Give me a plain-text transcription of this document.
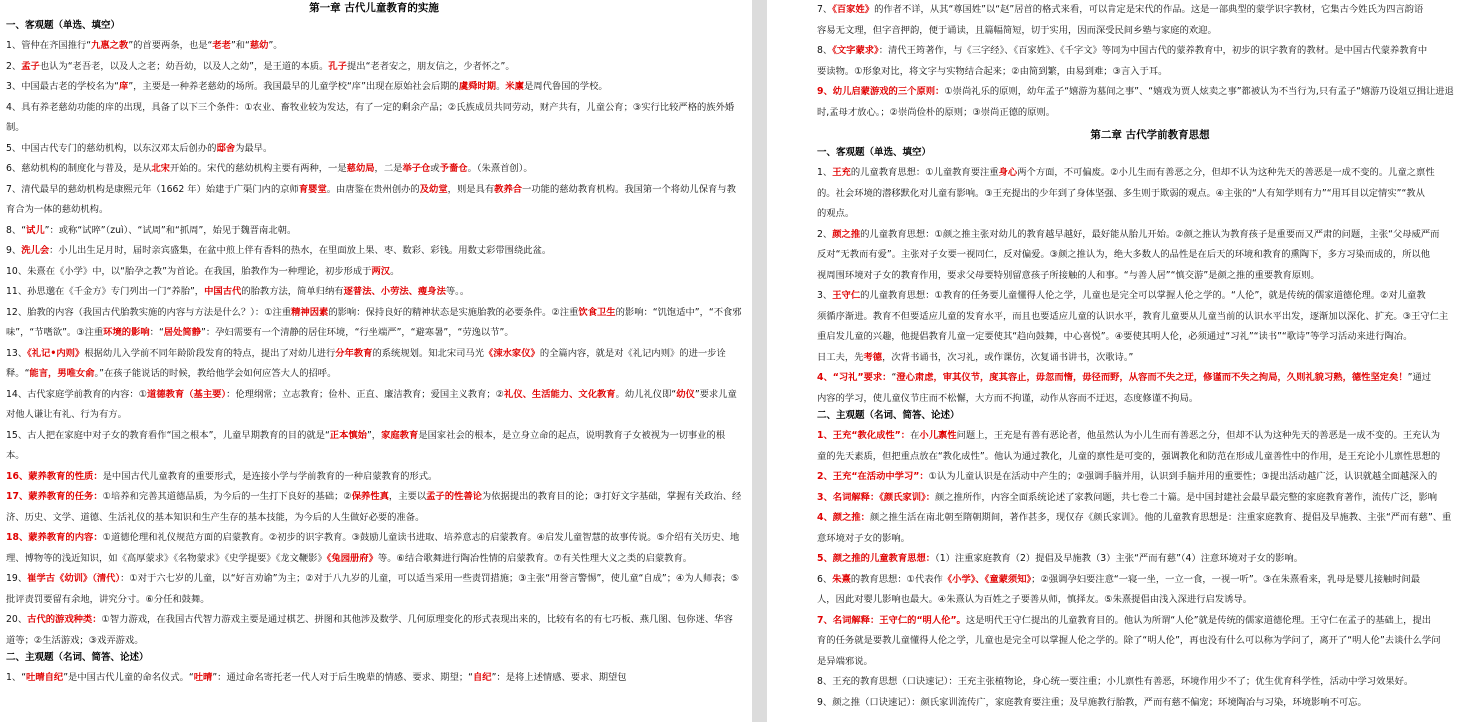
第一章 古代儿童教育的实施
一、客观题（单选、填空）

1、管仲在齐国推行“九惠之教”的首要两条，也是“老老”和“慈幼”。

2、孟子也认为“老吾老，以及人之老；幼吾幼，以及人之幼”，是王道的本质。孔子提出“老者安之，朋友信之，少者怀之”。

3、中国最古老的学校名为“庠”，主要是一种养老慈幼的场所。我国最早的儿童学校“庠”出现在原始社会后期的虞舜时期。米廪是周代鲁国的学校。

4、具有养老慈幼功能的庠的出现，具备了以下三个条件：①农业、畜牧业较为发达，有了一定的剩余产品；②氏族成员共同劳动，财产共有，儿童公育；③实行比较严格的族外婚制。

5、中国古代专门的慈幼机构，以东汉邓太后创办的邸舍为最早。

6、慈幼机构的制度化与普及，是从北宋开始的。宋代的慈幼机构主要有两种，一是慈幼局，二是举子仓或予嗇仓。（朱熹首创）。

7、清代最早的慈幼机构是康熙元年（1662 年）始建于广渠门内的京师育婴堂。由唐鉴在贵州创办的及幼堂，则是具有教养合一功能的慈幼教育机构。我国第一个将幼儿保育与教育合为一体的慈幼机构。

8、“试儿”：或称“试晬”（zuì）、“试周”和“抓周”，始见于魏晋南北朝。

9、洗儿会：小儿出生足月时，届时亲宾盛集，在盆中煎上伴有香料的热水，在里面放上果、枣、数彩、彩钱。用数丈彩带围绕此盆。

10、朱熹在《小学》中，以“胎孕之教”为首论。在我国，胎教作为一种理论，初步形成于两汉。

11、孙思邈在《千金方》专门列出一门“养胎”，中国古代的胎教方法，简单归纳有逐普法、小劳法、瘦身法等。。

12、胎教的内容（我国古代胎教实施的内容与方法是什么？）：①注重精神因素的影响：保持良好的精神状态是实施胎教的必要条件。②注重饮食卫生的影响：“饥饱适中”，“不食邪味”，“节嗜欲”。③注重环境的影响：“居处简静”：孕妇需要有一个清静的居住环境，“行坐端严”，“避寒暑”，“劳逸以节”。

13、《礼记•内则》根据幼儿入学前不同年龄阶段发育的特点，提出了对幼儿进行分年教育的系统规划。知北宋司马光《涑水家仪》的全篇内容，就是对《礼记内则》的进一步诠释。“能言，男唯女俞。”在孩子能说话的时候，教给他学会如何应答大人的招呼。

14、古代家庭学前教育的内容：①道德教育（基主要）：伦理纲常；立志教育；俭朴、正直、廉洁教育；爱国主义教育；②礼仪、生活能力、文化教育。幼儿礼仪即“幼仪”要求儿童对他人谦让有礼、行为有方。

15、古人把在家庭中对子女的教育看作“国之根本”，儿童早期教育的目的就是“正本慎始”，家庭教育是国家社会的根本，是立身立命的起点，说明教育子女被视为一切事业的根本。

16、蒙养教育的性质：是中国古代儿童教育的重要形式，是连接小学与学前教育的一种启蒙教育的形式。

17、蒙养教育的任务：①培养和完善其道德品质，为今后的一生打下良好的基础；②保养性真，主要以孟子的性善论为依据提出的教育目的论；③打好文字基础，掌握有关政治、经济、历史、文学、道德、生活礼仪的基本知识和生产生存的基本技能，为今后的人生做好必要的准备。

18、蒙养教育的内容：①道德伦理和礼仪规范方面的启蒙教育。②初步的识字教育。③鼓励儿童读书进取、培养意志的启蒙教育。④启发儿童智慧的故事传说。⑤介绍有关历史、地理、博物等的浅近知识，如《高厚蒙求》《名物蒙求》《史学提要》《龙文鞭影》《兔园册府》等。⑥结合歌舞进行陶冶性情的启蒙教育。⑦有关性理大义之类的启蒙教育。

19、崔学古《幼训》（清代）：①对于六七岁的儿童，以“好言劝谕”为主；②对于八九岁的儿童，可以适当采用一些责罚措施；③主张“用誉言警惕”，使儿童“自成”；④为人师表；⑤批评责罚要留有余地，讲究分寸。⑥分任和鼓舞。

20、古代的游戏种类：①智力游戏，在我国古代智力游戏主要是通过棋艺、拼图和其他涉及数学、几何原理变化的形式表现出来的，比较有名的有七巧板、燕几图、包你迷、华容道等；②生活游戏；③戏弄游戏。

二、主观题（名词、简答、论述）

1、“吐晴自纪”是中国古代儿童的命名仪式。“吐晴”：通过命名寄托老一代人对于后生晚辈的情感、要求、期望；“自纪”：是将上述情感、要求、期望包

7、《百家姓》的作者不详，从其“尊国姓”以“赵”居首的格式来看，可以肯定是宋代的作品。这是一部典型的蒙学识字教材，它集古今姓氏为四言韵语

容易无文理，但字音押韵，便于诵读，且篇幅简短，切于实用，因而深受民间乡塾与家庭的欢迎。

8、《文字蒙求》：清代王筠著作，与《三字经》、《百家姓》、《千字文》等同为中国古代的蒙养教育中，初步的识字教育的教材。是中国古代蒙养教育中

要读物。①形象对比，将文字与实物结合起来；②由简到繁，由易到难；③言入于耳。

9、幼儿启蒙游戏的三个原则：①崇尚礼乐的原则，幼年孟子“嬉游为墓间之事”、“嬉戏为贾人炫卖之事”都被认为不当行为,只有孟子“嬉游乃设俎豆揖让进退

时,孟母才放心。；②崇尚俭朴的原则；③崇尚正德的原则。

第二章 古代学前教育思想
一、客观题（单选、填空）

1、王充的儿童教育思想：①儿童教育要注重身心两个方面，不可偏废。②小儿生而有善恶之分，但却不认为这种先天的善恶是一成不变的。儿童之禀性

的。社会环境的潜移默化对儿童有影响。③王充提出的少年到了身体坚强、多生则于欺弱的观点。④主张的“人有知学则有力”“用耳目以定情实”“教从

的观点。

2、颜之推的儿童教育思想：①颜之推主张对幼儿的教育越早越好，最好能从胎儿开始。②颜之推认为教育孩子是重要而又严肃的问题，主张“父母威严而

反对“无教而有爱”。主张对子女要一视同仁，反对偏爱。③颜之推认为，绝大多数人的品性是在后天的环境和教育的熏陶下，多方习染而成的，所以他

视周围环境对子女的教育作用，要求父母要特别留意孩子所接触的人和事。“与善人居”“慎交游”是颜之推的重要教育原则。

3、王守仁的儿童教育思想：①教育的任务要儿童懂得人伦之学，儿童也是完全可以掌握人伦之学的。“人伦”，就是传统的儒家道德伦理。②对儿童教

须循序渐进。教育不但要适应儿童的发育水平，而且也要适应儿童的认识水平，教育儿童要从儿童当前的认识水平出发，逐渐加以深化、扩充。③王守仁主

重启发儿童的兴趣，他提倡教育儿童一定要使其“趋向鼓舞，中心喜悦”。④要使其明人伦，必须通过“习礼”“读书”“歌诗”等学习活动来进行陶冶。

日工夫，先考德，次背书诵书，次习礼，或作课仿，次复诵书讲书，次歌诗。”

4、“习礼”要求：“澄心肃虑，审其仪节，度其容止，毋忽而惰，毋径而野，从容而不失之迂，修谨而不失之拘局，久则礼貌习熟，德性坚定矣！”通过

内容的学习，使儿童仪节庄而不松懈，大方而不拘谨，动作从容而不迂迟，态度修谨不拘局。

二、主观题（名词、简答、论述）

1、王充“教化成性”：在小儿禀性问题上，王充是有善有恶论者，他虽然认为小儿生而有善恶之分，但却不认为这种先天的善恶是一成不变的。王充认为

童的先天素质，但把重点放在“教化成性”。他认为通过教化，儿童的禀性是可变的，强调教化和防范在形成儿童善性中的作用，是王充论小儿禀性思想的

2、王充“在活动中学习”：①认为儿童认识是在活动中产生的；②强调手脑并用，认识到手脑并用的重要性；③提出活动越广泛，认识就越全面越深入的

3、名词解释：《颜氏家训》：颜之推所作，内容全面系统论述了家教问题，共七卷二十篇。是中国封建社会最早最完整的家庭教育著作，流传广泛，影响

4、颜之推：颜之推生活在南北朝至隋朝期间，著作甚多，现仅存《颜氏家训》。他的儿童教育思想是：注重家庭教育、提倡及早施教、主张“严而有慈”、重

意环境对子女的影响。

5、颜之推的儿童教育思想：（1）注重家庭教育（2）提倡及早施教（3）主张“严而有慈”（4）注意环境对子女的影响。

6、朱熹的教育思想：①代表作《小学》、《童蒙须知》；②强调孕妇要注意“一寝一坐，一立一食，一视一听”。③在朱熹看来，乳母是婴儿接触时间最

人，因此对婴儿影响也最大。④朱熹认为百姓之子要善从师，慎择友。⑤朱熹提倡由浅入深进行启发诱导。

7、名词解释：王守仁的“明人伦”。这是明代王守仁提出的儿童教育目的。他认为所谓“人伦”就是传统的儒家道德伦理。王守仁在孟子的基础上，提出

育的任务就是要教儿童懂得人伦之学，儿童也是完全可以掌握人伦之学的。除了“明人伦”，再也没有什么可以称为学问了，离开了“明人伦”去谈什么学问

是异端邪说。

8、王充的教育思想（口诀速记）：王充主张植物论，身心统一要注重；小儿禀性有善恶，环境作用少不了；优生优育科学性，活动中学习效果好。

9、颜之推（口诀速记）：颜氏家训流传广，家庭教育要注重；及早施教行胎教，严而有慈不偏宠；环境陶冶与习染，环境影响不可忘。
